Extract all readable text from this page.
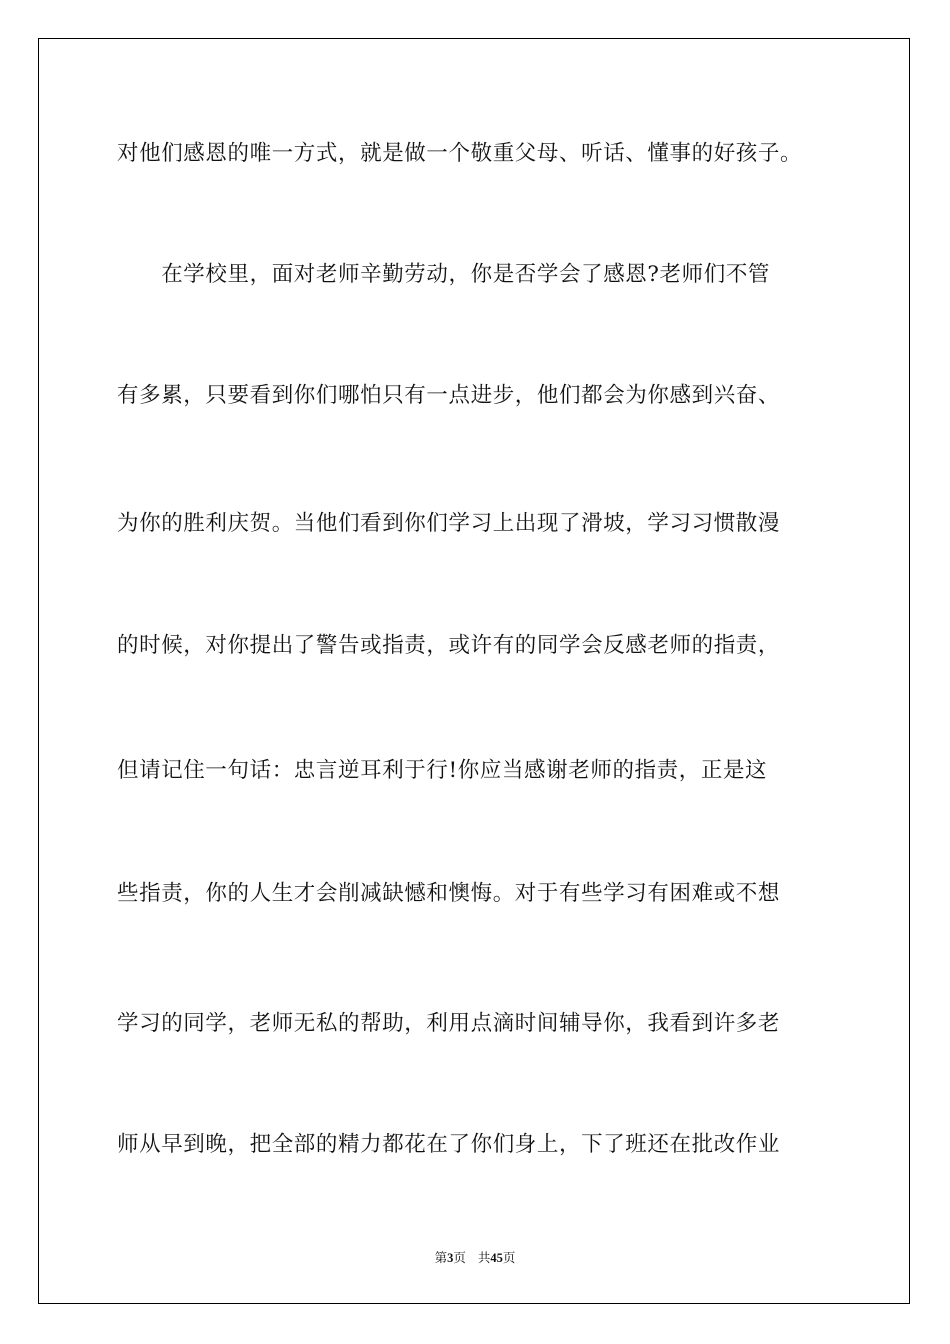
对他们感恩的唯一方式，就是做一个敬重父母、听话、懂事的好孩子。
　　在学校里，面对老师辛勤劳动，你是否学会了感恩?老师们不管
有多累，只要看到你们哪怕只有一点进步，他们都会为你感到兴奋、
为你的胜利庆贺。当他们看到你们学习上出现了滑坡，学习习惯散漫
的时候，对你提出了警告或指责，或许有的同学会反感老师的指责，
但请记住一句话：忠言逆耳利于行!你应当感谢老师的指责，正是这
些指责，你的人生才会削减缺憾和懊悔。对于有些学习有困难或不想
学习的同学，老师无私的帮助，利用点滴时间辅导你，我看到许多老
师从早到晚，把全部的精力都花在了你们身上，下了班还在批改作业
第3页 共45页
